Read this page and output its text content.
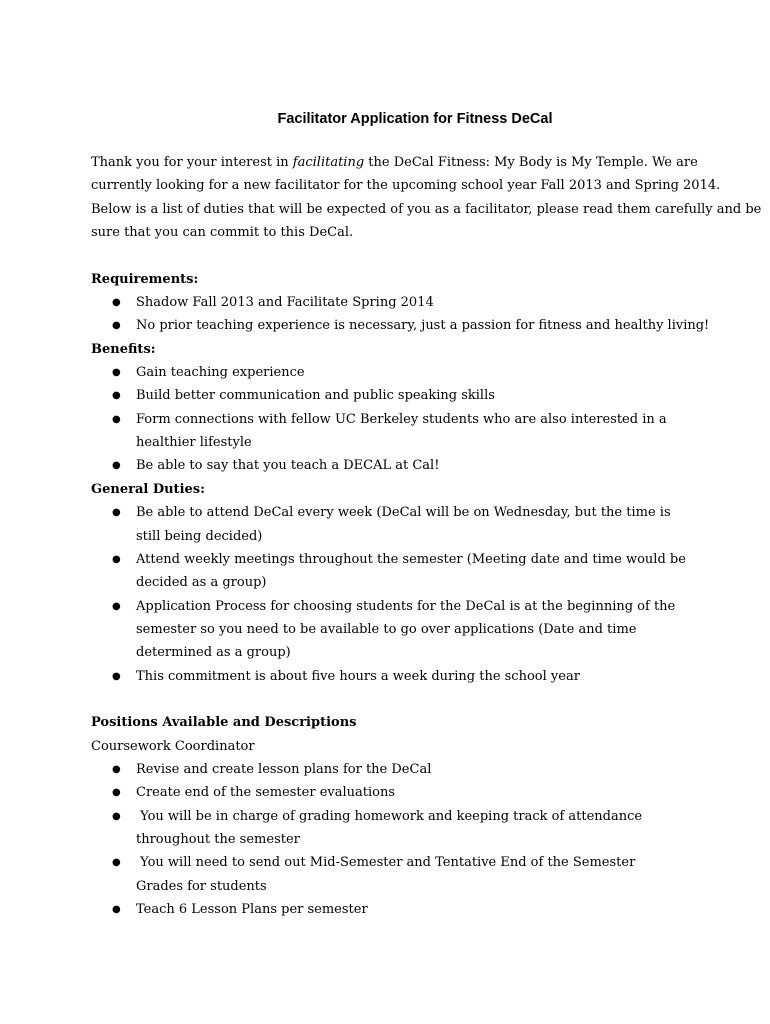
Facilitator Application for Fitness DeCal

Thank you for your interest in facilitating the DeCal Fitness: My Body is My Temple. We are
currently looking for a new facilitator for the upcoming school year Fall 2013 and Spring 2014.
Below is a list of duties that will be expected of you as a facilitator, please read them carefully and be
sure that you can commit to this DeCal.

Requirements:

● Shadow Fall 2013 and Facilitate Spring 2014
● No prior teaching experience is necessary, just a passion for fitness and healthy living!

Benefits:

● Gain teaching experience
● Build better communication and public speaking skills
● Form connections with fellow UC Berkeley students who are also interested in a healthier lifestyle
● Be able to say that you teach a DECAL at Cal!

General Duties:

● Be able to attend DeCal every week (DeCal will be on Wednesday, but the time is still being decided)
● Attend weekly meetings throughout the semester (Meeting date and time would be decided as a group)
● Application Process for choosing students for the DeCal is at the beginning of the semester so you need to be available to go over applications (Date and time determined as a group)
● This commitment is about five hours a week during the school year

Positions Available and Descriptions

Coursework Coordinator

● Revise and create lesson plans for the DeCal
● Create end of the semester evaluations
● You will be in charge of grading homework and keeping track of attendance throughout the semester
● You will need to send out Mid-Semester and Tentative End of the Semester Grades for students
● Teach 6 Lesson Plans per semester
